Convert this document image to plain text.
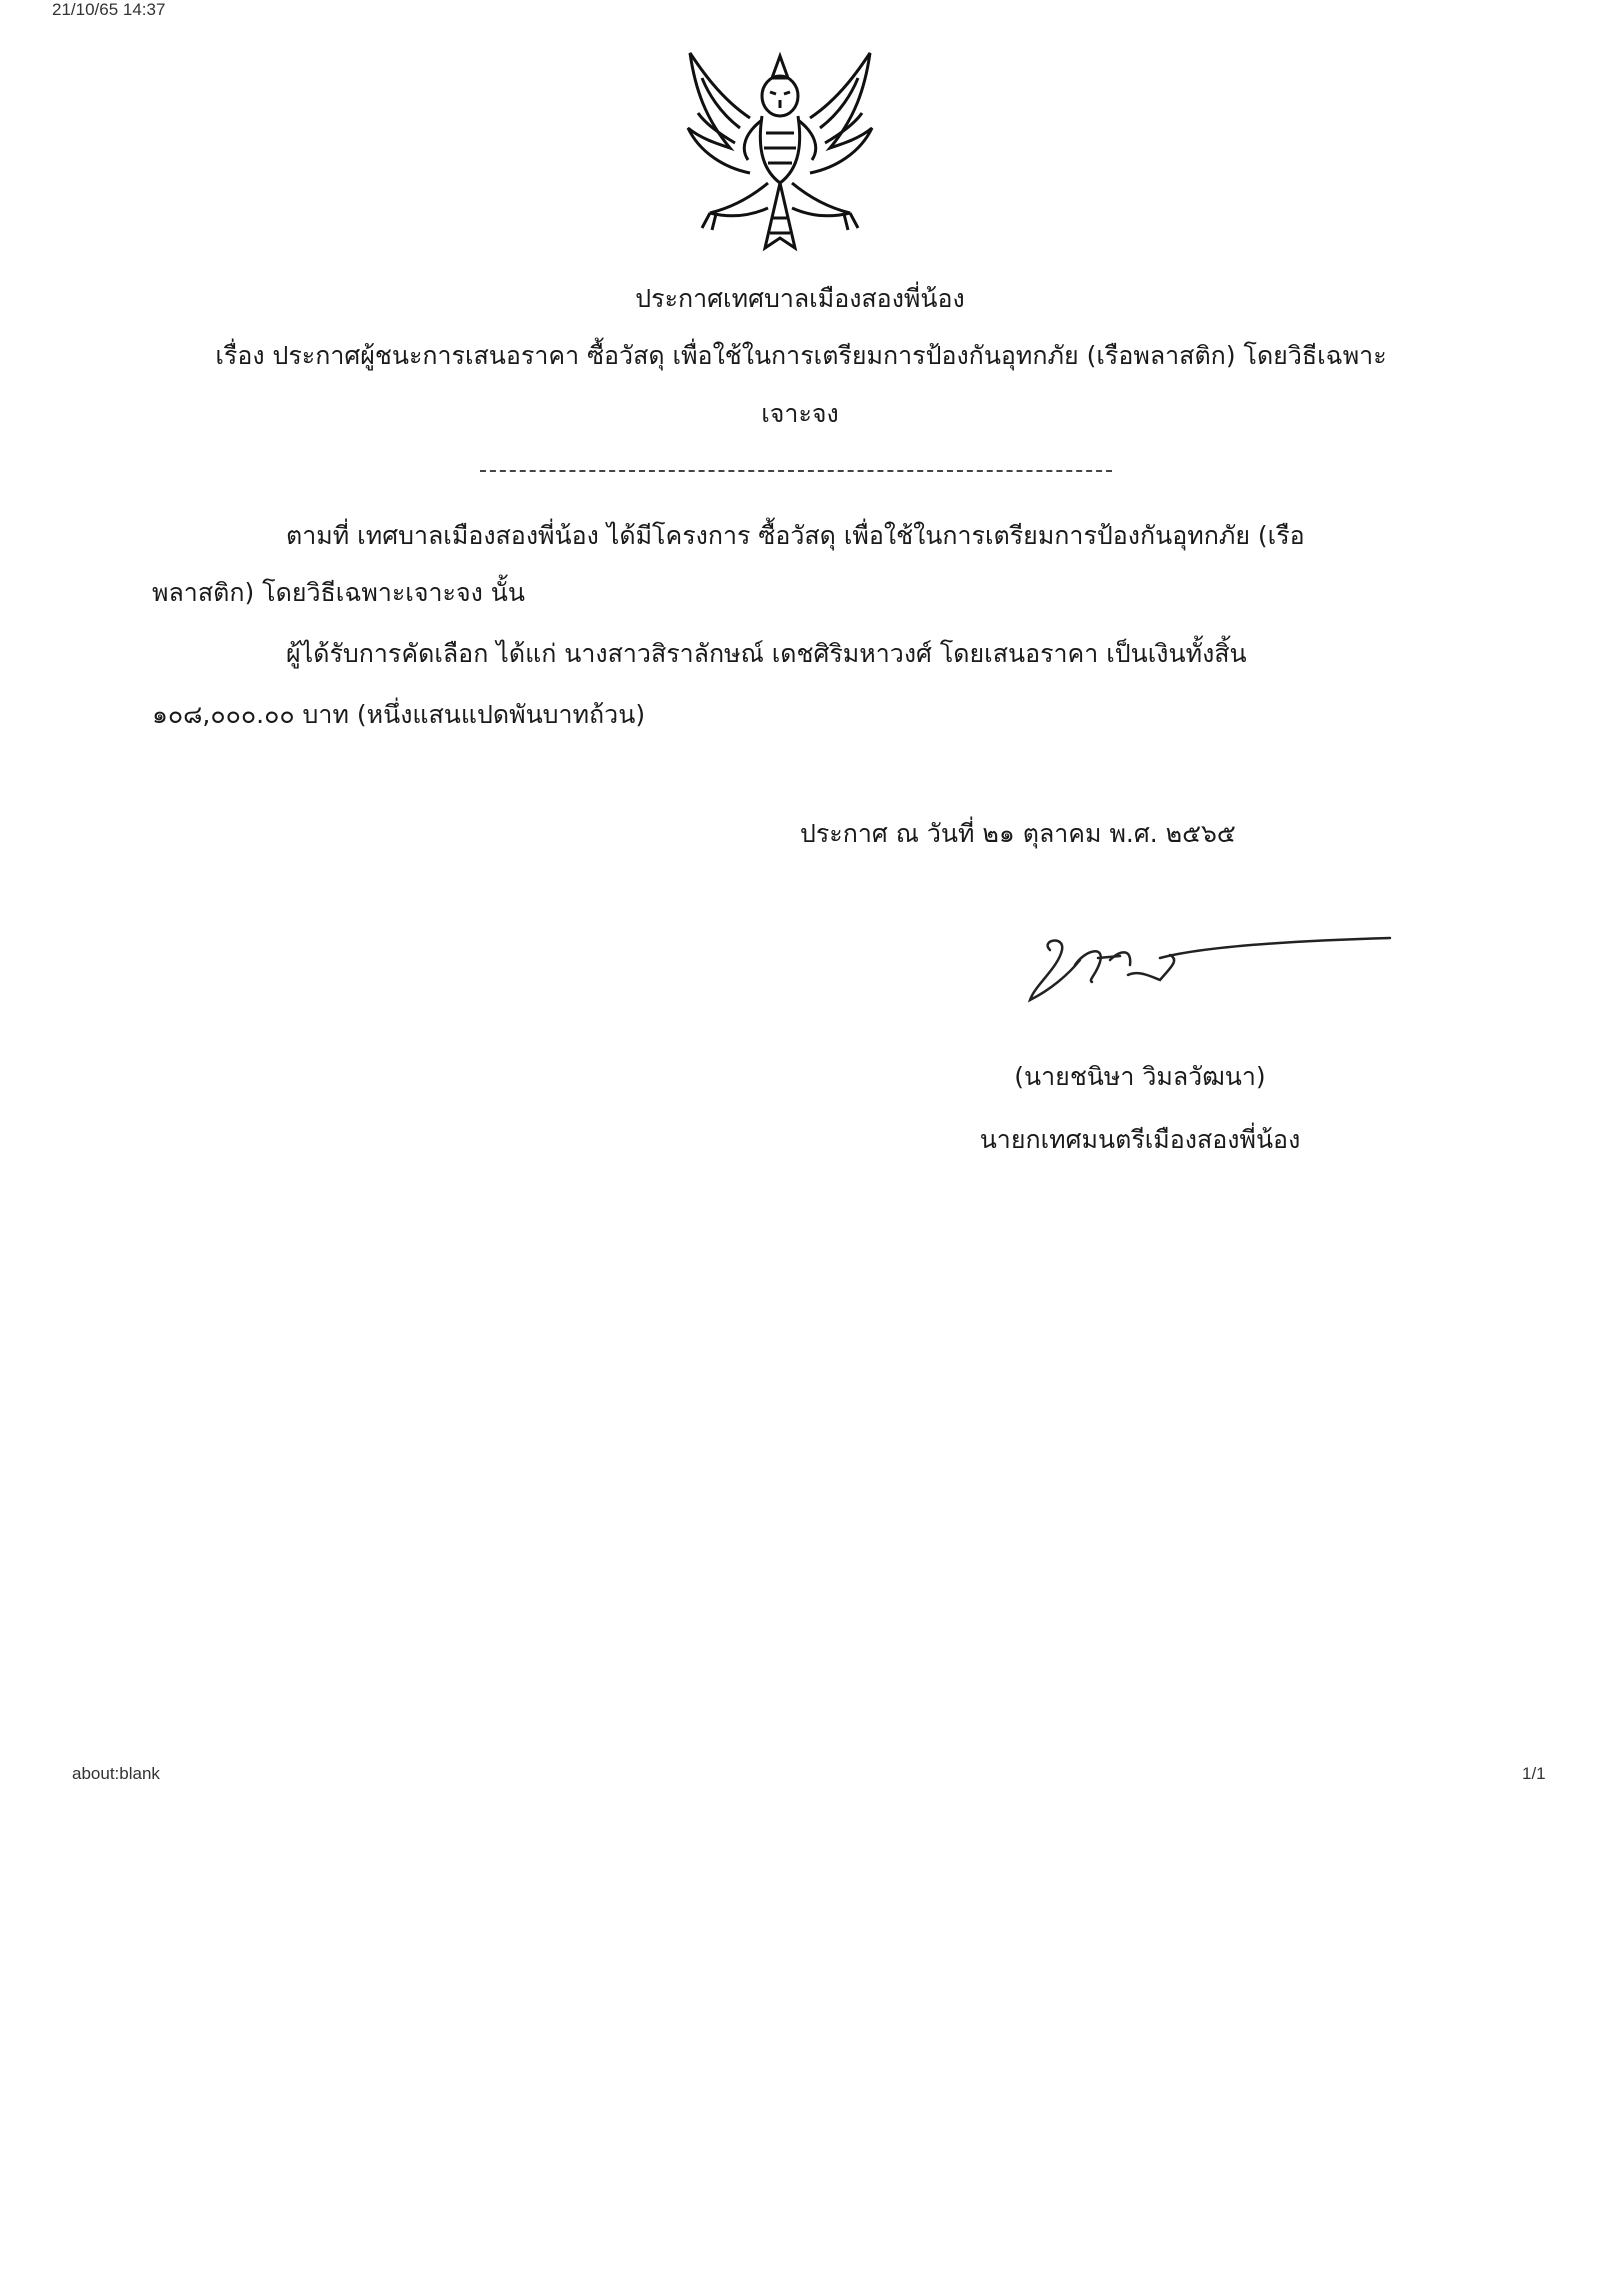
21/10/65 14:37
ประกาศเทศบาลเมืองสองพี่น้อง
เรื่อง ประกาศผู้ชนะการเสนอราคา ซื้อวัสดุ เพื่อใช้ในการเตรียมการป้องกันอุทกภัย (เรือพลาสติก) โดยวิธีเฉพาะ
เจาะจง
ตามที่ เทศบาลเมืองสองพี่น้อง ได้มีโครงการ ซื้อวัสดุ เพื่อใช้ในการเตรียมการป้องกันอุทกภัย (เรือ
พลาสติก) โดยวิธีเฉพาะเจาะจง นั้น
ผู้ได้รับการคัดเลือก ได้แก่ นางสาวสิราลักษณ์ เดชศิริมหาวงศ์ โดยเสนอราคา เป็นเงินทั้งสิ้น
๑๐๘,๐๐๐.๐๐ บาท (หนึ่งแสนแปดพันบาทถ้วน)
ประกาศ ณ วันที่ ๒๑ ตุลาคม พ.ศ. ๒๕๖๕
(นายชนิษา วิมลวัฒนา)
นายกเทศมนตรีเมืองสองพี่น้อง
about:blank	1/1
